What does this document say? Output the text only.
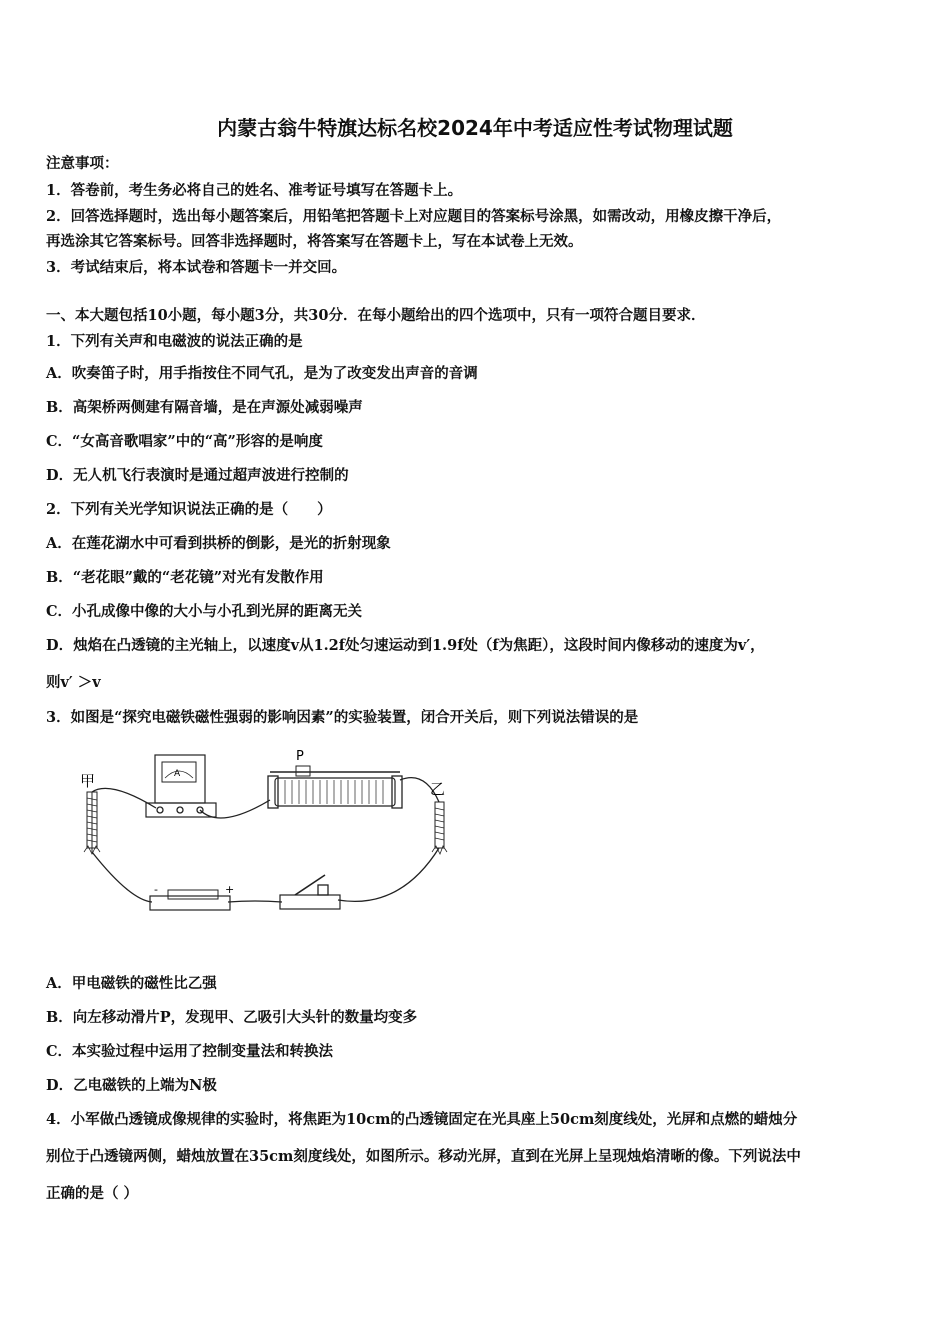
内蒙古翁牛特旗达标名校2024年中考适应性考试物理试题
注意事项：
1．答卷前，考生务必将自己的姓名、准考证号填写在答题卡上。
2．回答选择题时，选出每小题答案后，用铅笔把答题卡上对应题目的答案标号涂黑，如需改动，用橡皮擦干净后，
再选涂其它答案标号。回答非选择题时，将答案写在答题卡上，写在本试卷上无效。
3．考试结束后，将本试卷和答题卡一并交回。
一、本大题包括10小题，每小题3分，共30分．在每小题给出的四个选项中，只有一项符合题目要求．
1．下列有关声和电磁波的说法正确的是
A．吹奏笛子时，用手指按住不同气孔，是为了改变发出声音的音调
B．高架桥两侧建有隔音墙，是在声源处减弱噪声
C．“女高音歌唱家”中的“高”形容的是响度
D．无人机飞行表演时是通过超声波进行控制的
2．下列有关光学知识说法正确的是（　　）
A．在莲花湖水中可看到拱桥的倒影，是光的折射现象
B．“老花眼”戴的“老花镜”对光有发散作用
C．小孔成像中像的大小与小孔到光屏的距离无关
D．烛焰在凸透镜的主光轴上，以速度v从1.2f处匀速运动到1.9f处（f为焦距），这段时间内像移动的速度为v′，
则v′ ＞v
3．如图是“探究电磁铁磁性强弱的影响因素”的实验装置，闭合开关后，则下列说法错误的是
甲	乙
P
A
-	+
A．甲电磁铁的磁性比乙强
B．向左移动滑片P，发现甲、乙吸引大头针的数量均变多
C．本实验过程中运用了控制变量法和转换法
D．乙电磁铁的上端为N极
4．小军做凸透镜成像规律的实验时，将焦距为10cm的凸透镜固定在光具座上50cm刻度线处，光屏和点燃的蜡烛分
别位于凸透镜两侧，蜡烛放置在35cm刻度线处，如图所示。移动光屏，直到在光屏上呈现烛焰清晰的像。下列说法中
正确的是（ ）
